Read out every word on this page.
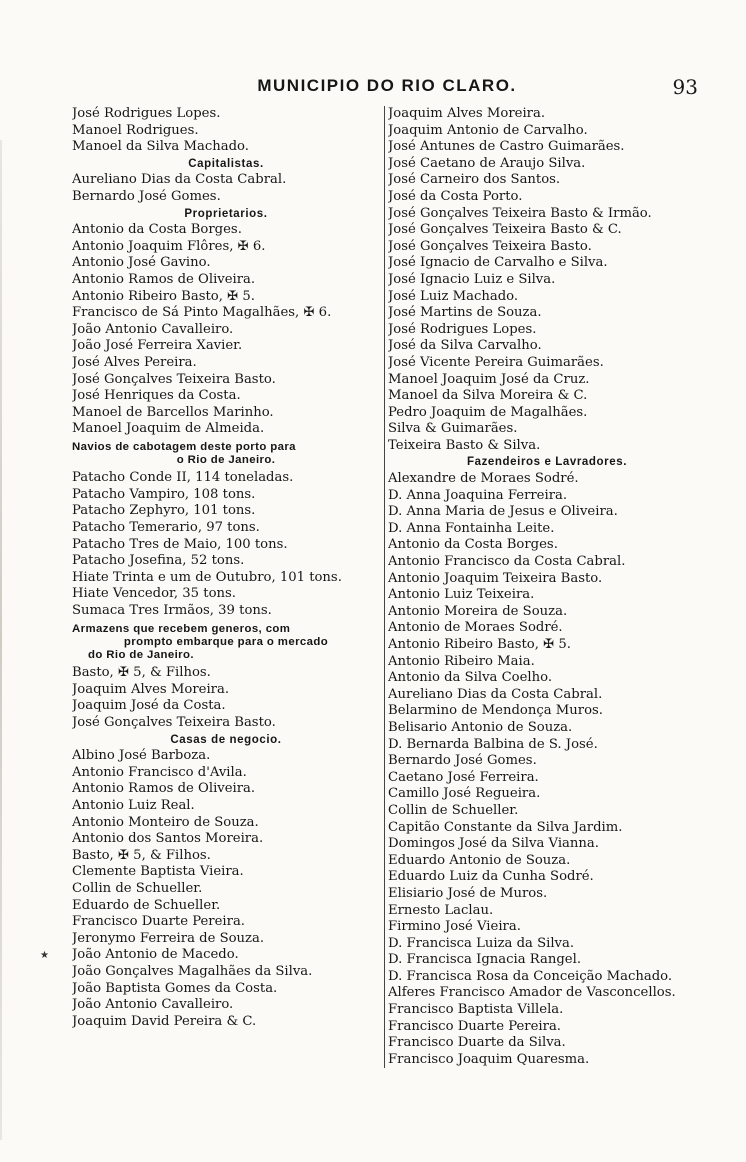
★
MUNICIPIO DO RIO CLARO.	93
José Rodrigues Lopes.
Manoel Rodrigues.
Manoel da Silva Machado.
Capitalistas.
Aureliano Dias da Costa Cabral.
Bernardo José Gomes.
Proprietarios.
Antonio da Costa Borges.
Antonio Joaquim Flôres, ✠ 6.
Antonio José Gavino.
Antonio Ramos de Oliveira.
Antonio Ribeiro Basto, ✠ 5.
Francisco de Sá Pinto Magalhães, ✠ 6.
João Antonio Cavalleiro.
João José Ferreira Xavier.
José Alves Pereira.
José Gonçalves Teixeira Basto.
José Henriques da Costa.
Manoel de Barcellos Marinho.
Manoel Joaquim de Almeida.
Navios de cabotagem deste porto para
o Rio de Janeiro.
Patacho Conde II, 114 toneladas.
Patacho Vampiro, 108 tons.
Patacho Zephyro, 101 tons.
Patacho Temerario, 97 tons.
Patacho Tres de Maio, 100 tons.
Patacho Josefina, 52 tons.
Hiate Trinta e um de Outubro, 101 tons.
Hiate Vencedor, 35 tons.
Sumaca Tres Irmãos, 39 tons.
Armazens que recebem generos, com
prompto embarque para o mercado
do Rio de Janeiro.
Basto, ✠ 5, & Filhos.
Joaquim Alves Moreira.
Joaquim José da Costa.
José Gonçalves Teixeira Basto.
Casas de negocio.
Albino José Barboza.
Antonio Francisco d'Avila.
Antonio Ramos de Oliveira.
Antonio Luiz Real.
Antonio Monteiro de Souza.
Antonio dos Santos Moreira.
Basto, ✠ 5, & Filhos.
Clemente Baptista Vieira.
Collin de Schueller.
Eduardo de Schueller.
Francisco Duarte Pereira.
Jeronymo Ferreira de Souza.
João Antonio de Macedo.
João Gonçalves Magalhães da Silva.
João Baptista Gomes da Costa.
João Antonio Cavalleiro.
Joaquim David Pereira & C.
Joaquim Alves Moreira.
Joaquim Antonio de Carvalho.
José Antunes de Castro Guimarães.
José Caetano de Araujo Silva.
José Carneiro dos Santos.
José da Costa Porto.
José Gonçalves Teixeira Basto & Irmão.
José Gonçalves Teixeira Basto & C.
José Gonçalves Teixeira Basto.
José Ignacio de Carvalho e Silva.
José Ignacio Luiz e Silva.
José Luiz Machado.
José Martins de Souza.
José Rodrigues Lopes.
José da Silva Carvalho.
José Vicente Pereira Guimarães.
Manoel Joaquim José da Cruz.
Manoel da Silva Moreira & C.
Pedro Joaquim de Magalhães.
Silva & Guimarães.
Teixeira Basto & Silva.
Fazendeiros e Lavradores.
Alexandre de Moraes Sodré.
D. Anna Joaquina Ferreira.
D. Anna Maria de Jesus e Oliveira.
D. Anna Fontainha Leite.
Antonio da Costa Borges.
Antonio Francisco da Costa Cabral.
Antonio Joaquim Teixeira Basto.
Antonio Luiz Teixeira.
Antonio Moreira de Souza.
Antonio de Moraes Sodré.
Antonio Ribeiro Basto, ✠ 5.
Antonio Ribeiro Maia.
Antonio da Silva Coelho.
Aureliano Dias da Costa Cabral.
Belarmino de Mendonça Muros.
Belisario Antonio de Souza.
D. Bernarda Balbina de S. José.
Bernardo José Gomes.
Caetano José Ferreira.
Camillo José Regueira.
Collin de Schueller.
Capitão Constante da Silva Jardim.
Domingos José da Silva Vianna.
Eduardo Antonio de Souza.
Eduardo Luiz da Cunha Sodré.
Elisiario José de Muros.
Ernesto Laclau.
Firmino José Vieira.
D. Francisca Luiza da Silva.
D. Francisca Ignacia Rangel.
D. Francisca Rosa da Conceição Machado.
Alferes Francisco Amador de Vasconcellos.
Francisco Baptista Villela.
Francisco Duarte Pereira.
Francisco Duarte da Silva.
Francisco Joaquim Quaresma.
